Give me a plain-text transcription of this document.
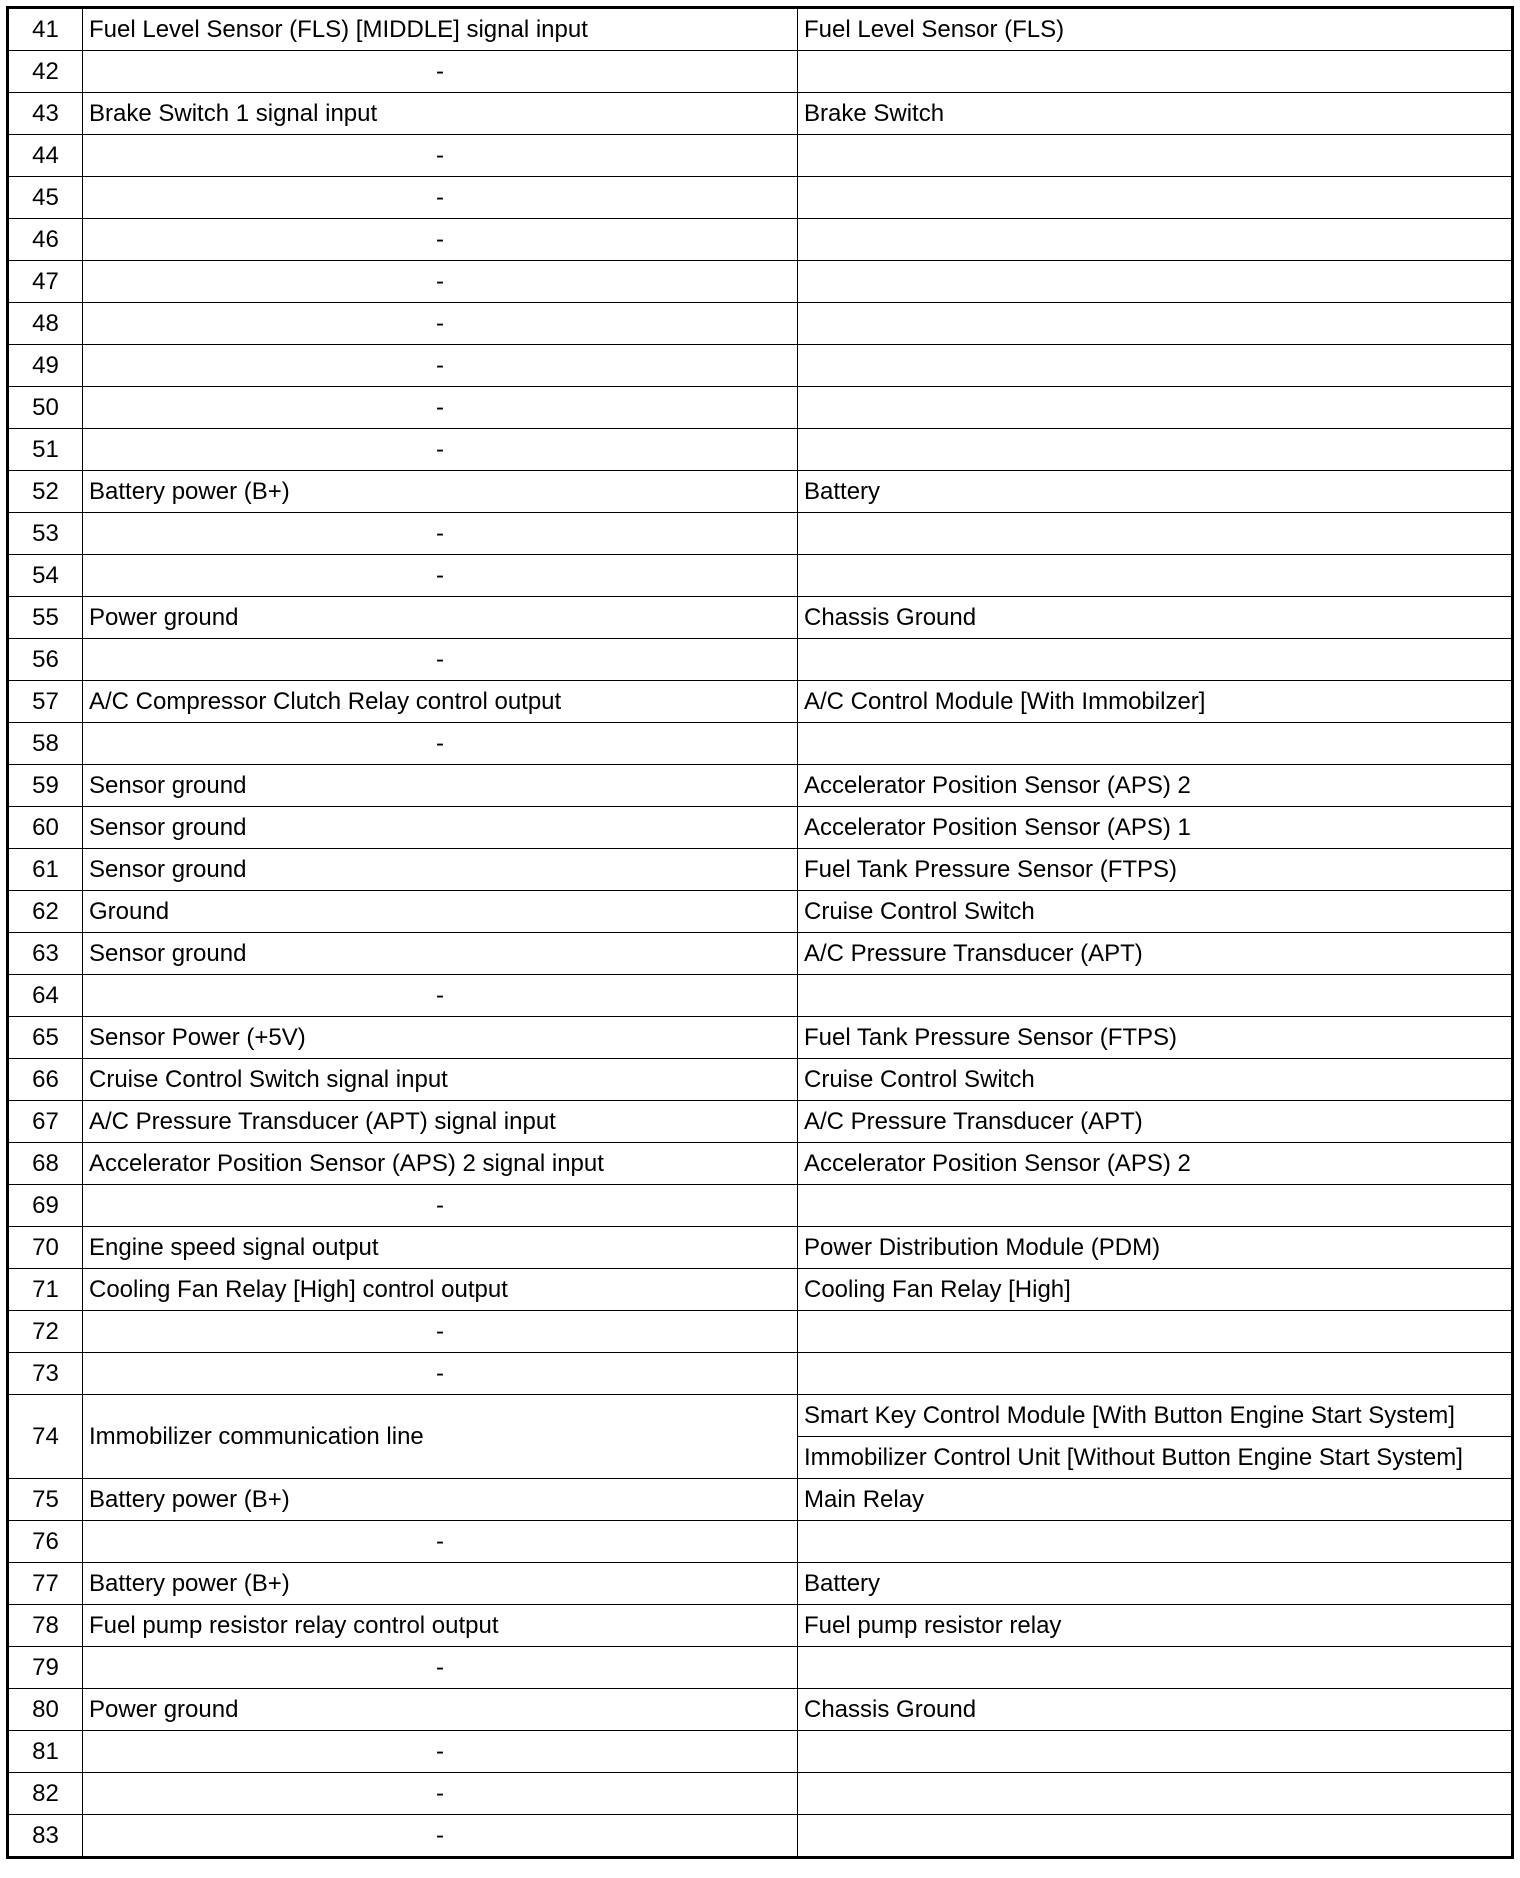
41	Fuel Level Sensor (FLS) [MIDDLE] signal input	Fuel Level Sensor (FLS)
42	-	
43	Brake Switch 1 signal input	Brake Switch
44	-	
45	-	
46	-	
47	-	
48	-	
49	-	
50	-	
51	-	
52	Battery power (B+)	Battery
53	-	
54	-	
55	Power ground	Chassis Ground
56	-	
57	A/C Compressor Clutch Relay control output	A/C Control Module [With Immobilzer]
58	-	
59	Sensor ground	Accelerator Position Sensor (APS) 2
60	Sensor ground	Accelerator Position Sensor (APS) 1
61	Sensor ground	Fuel Tank Pressure Sensor (FTPS)
62	Ground	Cruise Control Switch
63	Sensor ground	A/C Pressure Transducer (APT)
64	-	
65	Sensor Power (+5V)	Fuel Tank Pressure Sensor (FTPS)
66	Cruise Control Switch signal input	Cruise Control Switch
67	A/C Pressure Transducer (APT) signal input	A/C Pressure Transducer (APT)
68	Accelerator Position Sensor (APS) 2 signal input	Accelerator Position Sensor (APS) 2
69	-	
70	Engine speed signal output	Power Distribution Module (PDM)
71	Cooling Fan Relay [High] control output	Cooling Fan Relay [High]
72	-	
73	-	
74	Immobilizer communication line	Smart Key Control Module [With Button Engine Start System]
		Immobilizer Control Unit [Without Button Engine Start System]
75	Battery power (B+)	Main Relay
76	-	
77	Battery power (B+)	Battery
78	Fuel pump resistor relay control output	Fuel pump resistor relay
79	-	
80	Power ground	Chassis Ground
81	-	
82	-	
83	-	
